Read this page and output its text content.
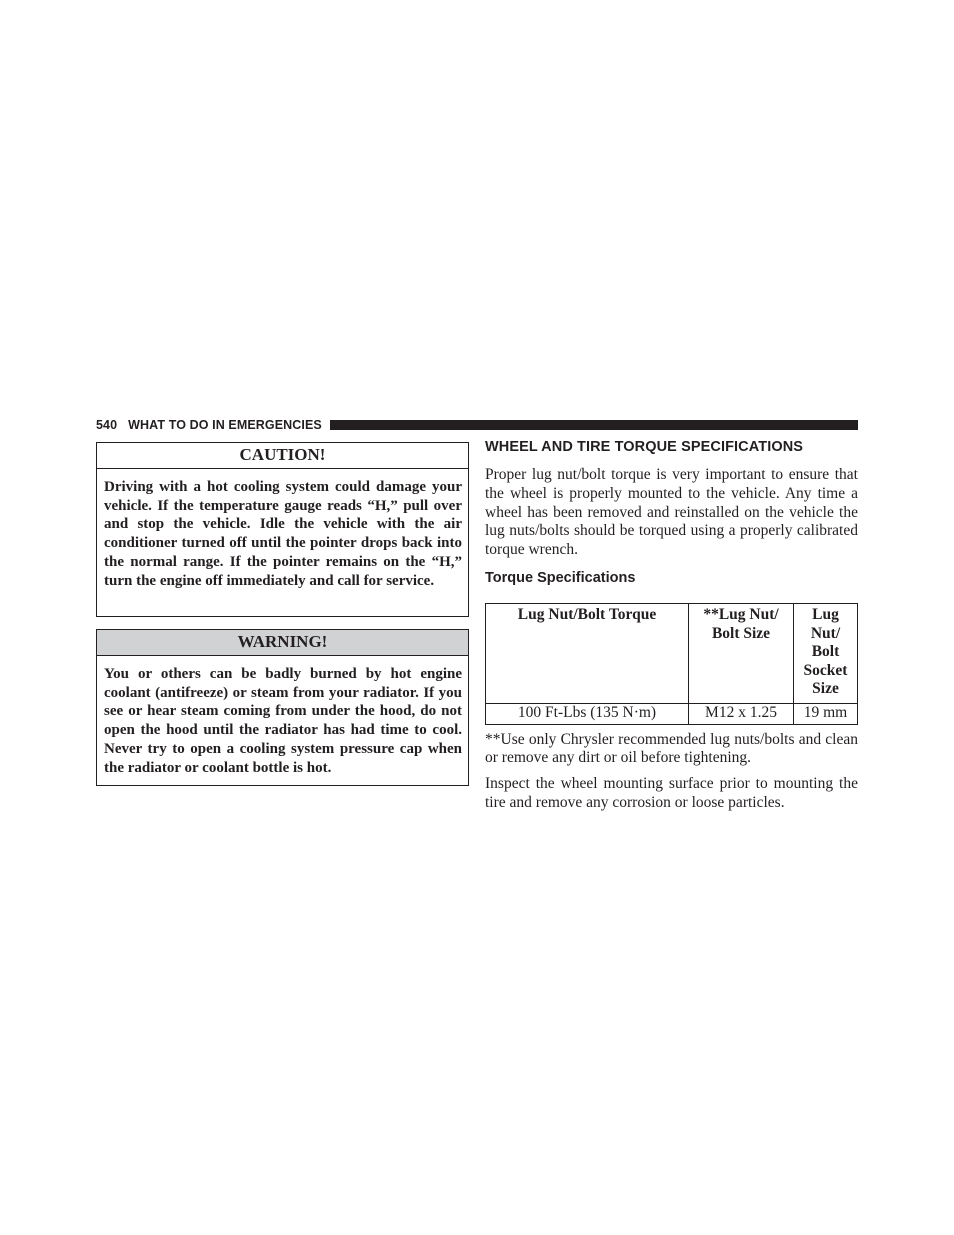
540 WHAT TO DO IN EMERGENCIES
CAUTION!
Driving with a hot cooling system could damage your vehicle. If the temperature gauge reads “H,” pull over and stop the vehicle. Idle the vehicle with the air conditioner turned off until the pointer drops back into the normal range. If the pointer remains on the “H,” turn the engine off immediately and call for service.
WARNING!
You or others can be badly burned by hot engine coolant (antifreeze) or steam from your radiator. If you see or hear steam coming from under the hood, do not open the hood until the radiator has had time to cool. Never try to open a cooling system pressure cap when the radiator or coolant bottle is hot.
WHEEL AND TIRE TORQUE SPECIFICATIONS

Proper lug nut/bolt torque is very important to ensure that the wheel is properly mounted to the vehicle. Any time a wheel has been removed and reinstalled on the vehicle the lug nuts/bolts should be torqued using a properly calibrated torque wrench.

Torque Specifications
Lug Nut/Bolt Torque	**Lug Nut/ Bolt Size	Lug Nut/ Bolt Socket Size
100 Ft-Lbs (135 N·m)	M12 x 1.25	19 mm

**Use only Chrysler recommended lug nuts/bolts and clean or remove any dirt or oil before tightening.

Inspect the wheel mounting surface prior to mounting the tire and remove any corrosion or loose particles.
